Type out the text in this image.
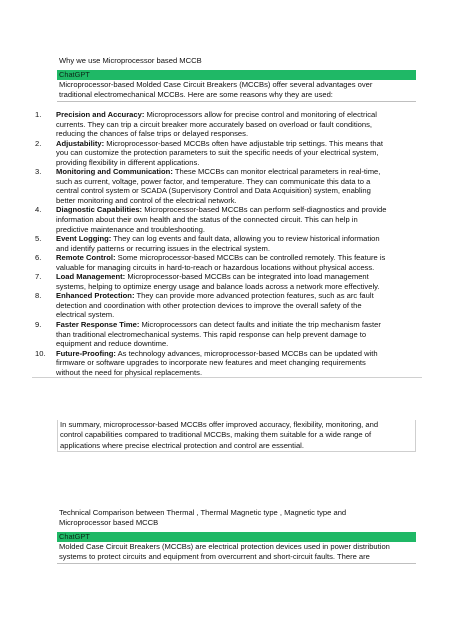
Why we use Microprocessor based MCCB
ChatGPT
Microprocessor-based Molded Case Circuit Breakers (MCCBs) offer several advantages over
traditional electromechanical MCCBs. Here are some reasons why they are used:
1.	Precision and Accuracy: Microprocessors allow for precise control and monitoring of electrical
currents. They can trip a circuit breaker more accurately based on overload or fault conditions,
reducing the chances of false trips or delayed responses.
2.	Adjustability: Microprocessor-based MCCBs often have adjustable trip settings. This means that
you can customize the protection parameters to suit the specific needs of your electrical system,
providing flexibility in different applications.
3.	Monitoring and Communication: These MCCBs can monitor electrical parameters in real-time,
such as current, voltage, power factor, and temperature. They can communicate this data to a
central control system or SCADA (Supervisory Control and Data Acquisition) system, enabling
better monitoring and control of the electrical network.
4.	Diagnostic Capabilities: Microprocessor-based MCCBs can perform self-diagnostics and provide
information about their own health and the status of the connected circuit. This can help in
predictive maintenance and troubleshooting.
5.	Event Logging: They can log events and fault data, allowing you to review historical information
and identify patterns or recurring issues in the electrical system.
6.	Remote Control: Some microprocessor-based MCCBs can be controlled remotely. This feature is
valuable for managing circuits in hard-to-reach or hazardous locations without physical access.
7.	Load Management: Microprocessor-based MCCBs can be integrated into load management
systems, helping to optimize energy usage and balance loads across a network more effectively.
8.	Enhanced Protection: They can provide more advanced protection features, such as arc fault
detection and coordination with other protection devices to improve the overall safety of the
electrical system.
9.	Faster Response Time: Microprocessors can detect faults and initiate the trip mechanism faster
than traditional electromechanical systems. This rapid response can help prevent damage to
equipment and reduce downtime.
10.	Future-Proofing: As technology advances, microprocessor-based MCCBs can be updated with
firmware or software upgrades to incorporate new features and meet changing requirements
without the need for physical replacements.
In summary, microprocessor-based MCCBs offer improved accuracy, flexibility, monitoring, and
control capabilities compared to traditional MCCBs, making them suitable for a wide range of
applications where precise electrical protection and control are essential.
Technical Comparison between Thermal , Thermal Magnetic type , Magnetic type and
Microprocessor based MCCB
ChatGPT
Molded Case Circuit Breakers (MCCBs) are electrical protection devices used in power distribution
systems to protect circuits and equipment from overcurrent and short-circuit faults. There are
